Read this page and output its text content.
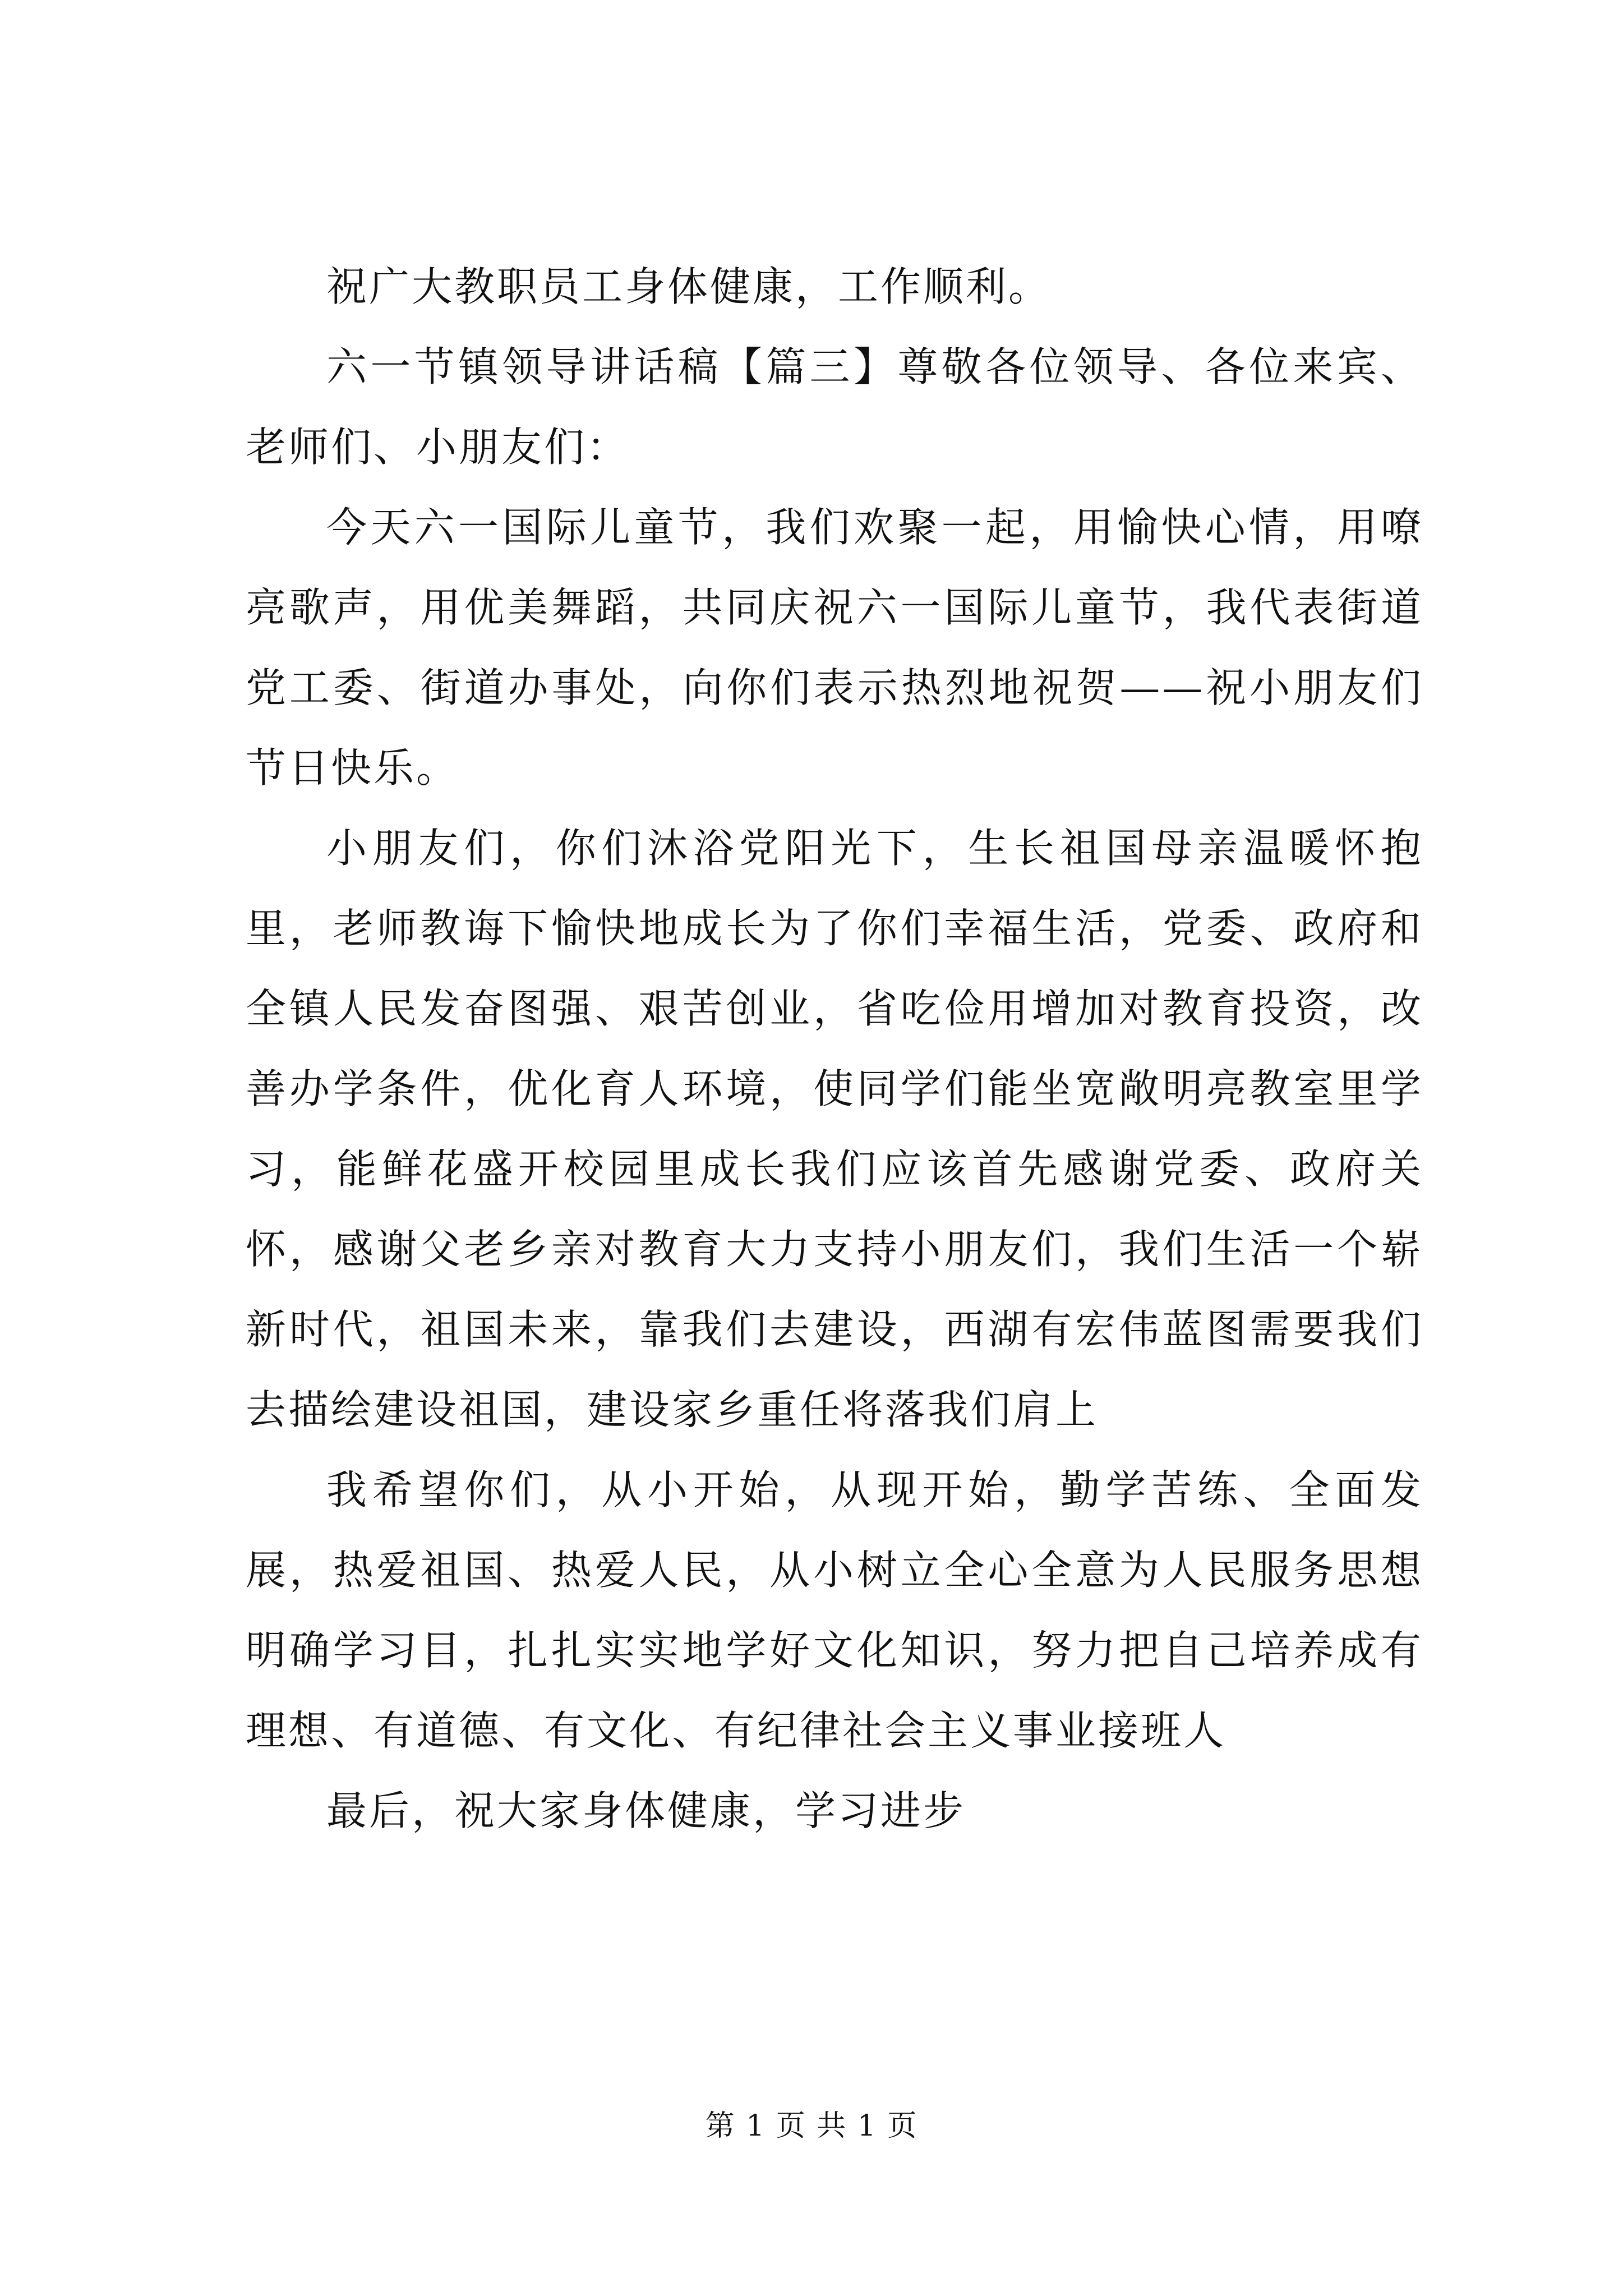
祝广大教职员工身体健康，工作顺利。

六一节镇领导讲话稿【篇三】尊敬各位领导、各位来宾、老师们、小朋友们：

今天六一国际儿童节，我们欢聚一起，用愉快心情，用嘹亮歌声，用优美舞蹈，共同庆祝六一国际儿童节，我代表街道党工委、街道办事处，向你们表示热烈地祝贺——祝小朋友们节日快乐。

小朋友们，你们沐浴党阳光下，生长祖国母亲温暖怀抱里，老师教诲下愉快地成长为了你们幸福生活，党委、政府和全镇人民发奋图强、艰苦创业，省吃俭用增加对教育投资，改善办学条件，优化育人环境，使同学们能坐宽敞明亮教室里学习，能鲜花盛开校园里成长我们应该首先感谢党委、政府关怀，感谢父老乡亲对教育大力支持小朋友们，我们生活一个崭新时代，祖国未来，靠我们去建设，西湖有宏伟蓝图需要我们去描绘建设祖国，建设家乡重任将落我们肩上

我希望你们，从小开始，从现开始，勤学苦练、全面发展，热爱祖国、热爱人民，从小树立全心全意为人民服务思想明确学习目，扎扎实实地学好文化知识，努力把自己培养成有理想、有道德、有文化、有纪律社会主义事业接班人

最后，祝大家身体健康，学习进步

第 1 页 共 1 页
